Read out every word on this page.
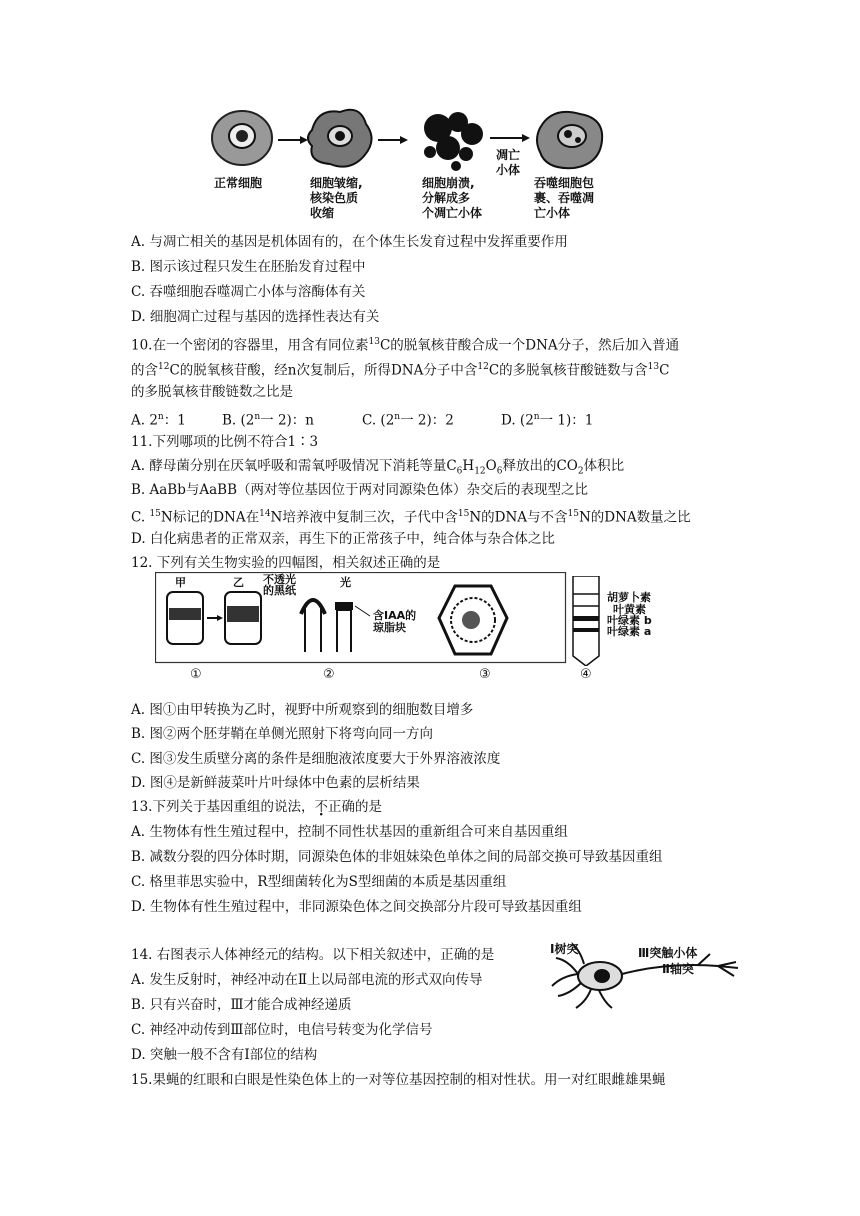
正常细胞	细胞皱缩,
核染色质
收缩
细胞崩溃,
分解成多
个凋亡小体
凋亡
小体
吞噬细胞包
裹、吞噬凋
亡小体
A. 与凋亡相关的基因是机体固有的，在个体生长发育过程中发挥重要作用
B. 图示该过程只发生在胚胎发育过程中
C. 吞噬细胞吞噬凋亡小体与溶酶体有关
D. 细胞凋亡过程与基因的选择性表达有关
10.在一个密闭的容器里，用含有同位素$^{13}$C的脱氧核苷酸合成一个DNA分子，然后加入普通
的含$^{12}$C的脱氧核苷酸，经n次复制后，所得DNA分子中含$^{12}$C的多脱氧核苷酸链数与含$^{13}$C
的多脱氧核苷酸链数之比是
A. 2$^n$：1	B. (2$^n$一 2)：n	C. (2$^n$一 2)：2	D. (2$^n$一 1)：1
11.下列哪项的比例不符合1∶3
A. 酵母菌分别在厌氧呼吸和需氧呼吸情况下消耗等量$C_6H_{12}O_6$释放出的$CO_2$体积比
B. AaBb与AaBB（两对等位基因位于两对同源染色体）杂交后的表现型之比
C. $^{15}$N标记的DNA在$^{14}$N培养液中复制三次，子代中含$^{15}$N的DNA与不含$^{15}$N的DNA数量之比
D. 白化病患者的正常双亲，再生下的正常孩子中，纯合体与杂合体之比
12. 下列有关生物实验的四幅图，相关叙述正确的是
甲	乙 不透光
的黑纸
光
含IAA的
琼脂块
胡萝卜素
叶黄素
叶绿素 b
叶绿素 a
①	②	③	④
A. 图①由甲转换为乙时，视野中所观察到的细胞数目增多
B. 图②两个胚芽鞘在单侧光照射下将弯向同一方向
C. 图③发生质壁分离的条件是细胞液浓度要大于外界溶液浓度
D. 图④是新鲜菠菜叶片叶绿体中色素的层析结果
13.下列关于基因重组的说法，不正确的是
A. 生物体有性生殖过程中，控制不同性状基因的重新组合可来自基因重组
B. 减数分裂的四分体时期，同源染色体的非姐妹染色单体之间的局部交换可导致基因重组
C. 格里菲思实验中，R型细菌转化为S型细菌的本质是基因重组
D. 生物体有性生殖过程中，非同源染色体之间交换部分片段可导致基因重组
14. 右图表示人体神经元的结构。以下相关叙述中，正确的是
A. 发生反射时，神经冲动在Ⅱ上以局部电流的形式双向传导
B. 只有兴奋时，Ⅲ才能合成神经递质
C. 神经冲动传到Ⅲ部位时，电信号转变为化学信号
D. 突触一般不含有Ⅰ部位的结构
Ⅰ树突	Ⅲ突触小体
Ⅱ轴突
15.果蝇的红眼和白眼是性染色体上的一对等位基因控制的相对性状。用一对红眼雌雄果蝇
